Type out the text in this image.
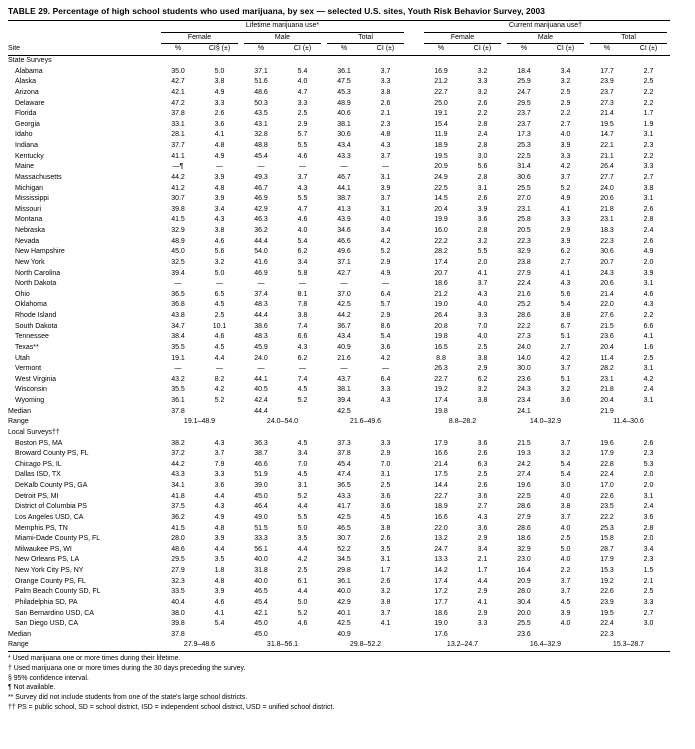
TABLE 29. Percentage of high school students who used marijuana, by sex — selected U.S. sites, Youth Risk Behavior Survey, 2003

	Lifetime marijuana use*							Current marijuana use†					

	Female		Male		Total			Female		Male		Total	

Site	%	CI§ (±)	%	CI (±)	%	CI (±)		%	CI (±)	%	CI (±)	%	CI (±)
State Surveys													
Alabama	35.0	5.0	37.1	5.4	36.1	3.7		16.9	3.2	18.4	3.4	17.7	2.7
Alaska	42.7	3.8	51.6	4.0	47.5	3.3		21.2	3.3	25.9	3.2	23.9	2.5
Arizona	42.1	4.9	48.6	4.7	45.3	3.8		22.7	3.2	24.7	2.5	23.7	2.2
Delaware	47.2	3.3	50.3	3.3	48.9	2.6		25.0	2.6	29.5	2.9	27.3	2.2
Florida	37.8	2.6	43.5	2.5	40.6	2.1		19.1	2.2	23.7	2.2	21.4	1.7
Georgia	33.1	3.6	43.1	2.9	38.1	2.3		15.4	2.8	23.7	2.7	19.5	1.9
Idaho	28.1	4.1	32.8	5.7	30.6	4.8		11.9	2.4	17.3	4.0	14.7	3.1
Indiana	37.7	4.8	48.8	5.5	43.4	4.3		18.9	2.8	25.3	3.9	22.1	2.3
Kentucky	41.1	4.9	45.4	4.6	43.3	3.7		19.5	3.0	22.5	3.3	21.1	2.2
Maine	—¶	—	—	—	—	—		20.9	5.6	31.4	4.2	26.4	3.3
Massachusetts	44.2	3.9	49.3	3.7	46.7	3.1		24.9	2.8	30.6	3.7	27.7	2.7
Michigan	41.2	4.8	46.7	4.3	44.1	3.9		22.5	3.1	25.5	5.2	24.0	3.8
Mississippi	30.7	3.9	46.9	5.5	38.7	3.7		14.5	2.6	27.0	4.9	20.6	3.1
Missouri	39.8	3.4	42.9	4.7	41.3	3.1		20.4	3.9	23.1	4.1	21.8	2.6
Montana	41.5	4.3	46.3	4.6	43.9	4.0		19.9	3.6	25.8	3.3	23.1	2.8
Nebraska	32.9	3.8	36.2	4.0	34.6	3.4		16.0	2.8	20.5	2.9	18.3	2.4
Nevada	48.9	4.6	44.4	5.4	46.6	4.2		22.2	3.2	22.3	3.9	22.3	2.6
New Hampshire	45.0	5.6	54.0	6.2	49.6	5.2		28.2	5.5	32.9	6.2	30.6	4.9
New York	32.5	3.2	41.6	3.4	37.1	2.9		17.4	2.0	23.8	2.7	20.7	2.0
North Carolina	39.4	5.0	46.9	5.8	42.7	4.9		20.7	4.1	27.9	4.1	24.3	3.9
North Dakota	—	—	—	—	—	—		18.6	3.7	22.4	4.3	20.6	3.1
Ohio	36.5	6.5	37.4	8.1	37.0	6.4		21.2	4.3	21.6	5.6	21.4	4.6
Oklahoma	36.8	4.5	48.3	7.8	42.5	5.7		19.0	4.0	25.2	5.4	22.0	4.3
Rhode Island	43.8	2.5	44.4	3.8	44.2	2.9		26.4	3.3	28.6	3.8	27.6	2.2
South Dakota	34.7	10.1	38.6	7.4	36.7	8.6		20.8	7.0	22.2	6.7	21.5	6.6
Tennessee	38.4	4.6	48.3	6.6	43.4	5.4		19.8	4.0	27.3	5.1	23.6	4.1
Texas**	35.5	4.5	45.9	4.3	40.9	3.6		16.5	2.5	24.0	2.7	20.4	1.6
Utah	19.1	4.4	24.0	6.2	21.6	4.2		8.8	3.8	14.0	4.2	11.4	2.5
Vermont	—	—	—	—	—	—		26.3	2.9	30.0	3.7	28.2	3.1
West Virginia	43.2	8.2	44.1	7.4	43.7	6.4		22.7	6.2	23.6	5.1	23.1	4.2
Wisconsin	35.5	4.2	40.5	4.5	38.1	3.3		19.2	3.2	24.3	3.2	21.8	2.4
Wyoming	36.1	5.2	42.4	5.2	39.4	4.3		17.4	3.8	23.4	3.6	20.4	3.1
Median	37.8		44.4		42.5			19.8		24.1		21.9	
Range	19.1–48.9		24.0–54.0		21.6–49.6			8.8–28.2		14.0–32.9		11.4–30.6	
Local Surveys††													
Boston PS, MA	38.2	4.3	36.3	4.5	37.3	3.3		17.9	3.6	21.5	3.7	19.6	2.6
Broward County PS, FL	37.2	3.7	38.7	3.4	37.8	2.9		16.6	2.6	19.3	3.2	17.9	2.3
Chicago PS, IL	44.2	7.9	46.6	7.0	45.4	7.0		21.4	6.3	24.2	5.4	22.8	5.3
Dallas ISD, TX	43.3	3.3	51.9	4.5	47.4	3.1		17.5	2.5	27.4	5.4	22.4	2.0
DeKalb County PS, GA	34.1	3.6	39.0	3.1	36.5	2.5		14.4	2.6	19.6	3.0	17.0	2.0
Detroit PS, MI	41.8	4.4	45.0	5.2	43.3	3.6		22.7	3.6	22.5	4.0	22.6	3.1
District of Columbia PS	37.5	4.3	46.4	4.4	41.7	3.6		18.9	2.7	28.6	3.8	23.5	2.4
Los Angeles USD, CA	36.2	4.9	49.0	5.5	42.5	4.5		16.6	4.3	27.9	3.7	22.2	3.6
Memphis PS, TN	41.5	4.8	51.5	5.0	46.5	3.8		22.0	3.6	28.6	4.0	25.3	2.8
Miami-Dade County PS, FL	28.0	3.9	33.3	3.5	30.7	2.6		13.2	2.9	18.6	2.5	15.8	2.0
Milwaukee PS, WI	48.6	4.4	56.1	4.4	52.2	3.5		24.7	3.4	32.9	5.0	28.7	3.4
New Orleans PS, LA	29.5	3.5	40.0	4.2	34.5	3.1		13.3	2.1	23.0	4.0	17.9	2.3
New York City PS, NY	27.9	1.8	31.8	2.5	29.8	1.7		14.2	1.7	16.4	2.2	15.3	1.5
Orange County PS, FL	32.3	4.8	40.0	6.1	36.1	2.6		17.4	4.4	20.9	3.7	19.2	2.1
Palm Beach County SD, FL	33.5	3.9	46.5	4.4	40.0	3.2		17.2	2.9	28.0	3.7	22.6	2.5
Philadelphia SD, PA	40.4	4.6	45.4	5.0	42.9	3.8		17.7	4.1	30.4	4.5	23.9	3.3
San Bernardino USD, CA	38.0	4.1	42.1	5.2	40.1	3.7		18.6	2.9	20.0	3.9	19.5	2.7
San Diego USD, CA	39.8	5.4	45.0	4.6	42.5	4.1		19.0	3.3	25.5	4.0	22.4	3.0
Median	37.8		45.0		40.9			17.6		23.6		22.3	
Range	27.9–48.6		31.8–56.1		29.8–52.2			13.2–24.7		16.4–32.9		15.3–28.7	
* Used marijuana one or more times during their lifetime.
† Used marijuana one or more times during the 30 days preceding the survey.
§ 95% confidence interval.
¶ Not available.
** Survey did not include students from one of the state's large school districts.
†† PS = public school, SD = school district, ISD = independent school district, USD = unified school district.
